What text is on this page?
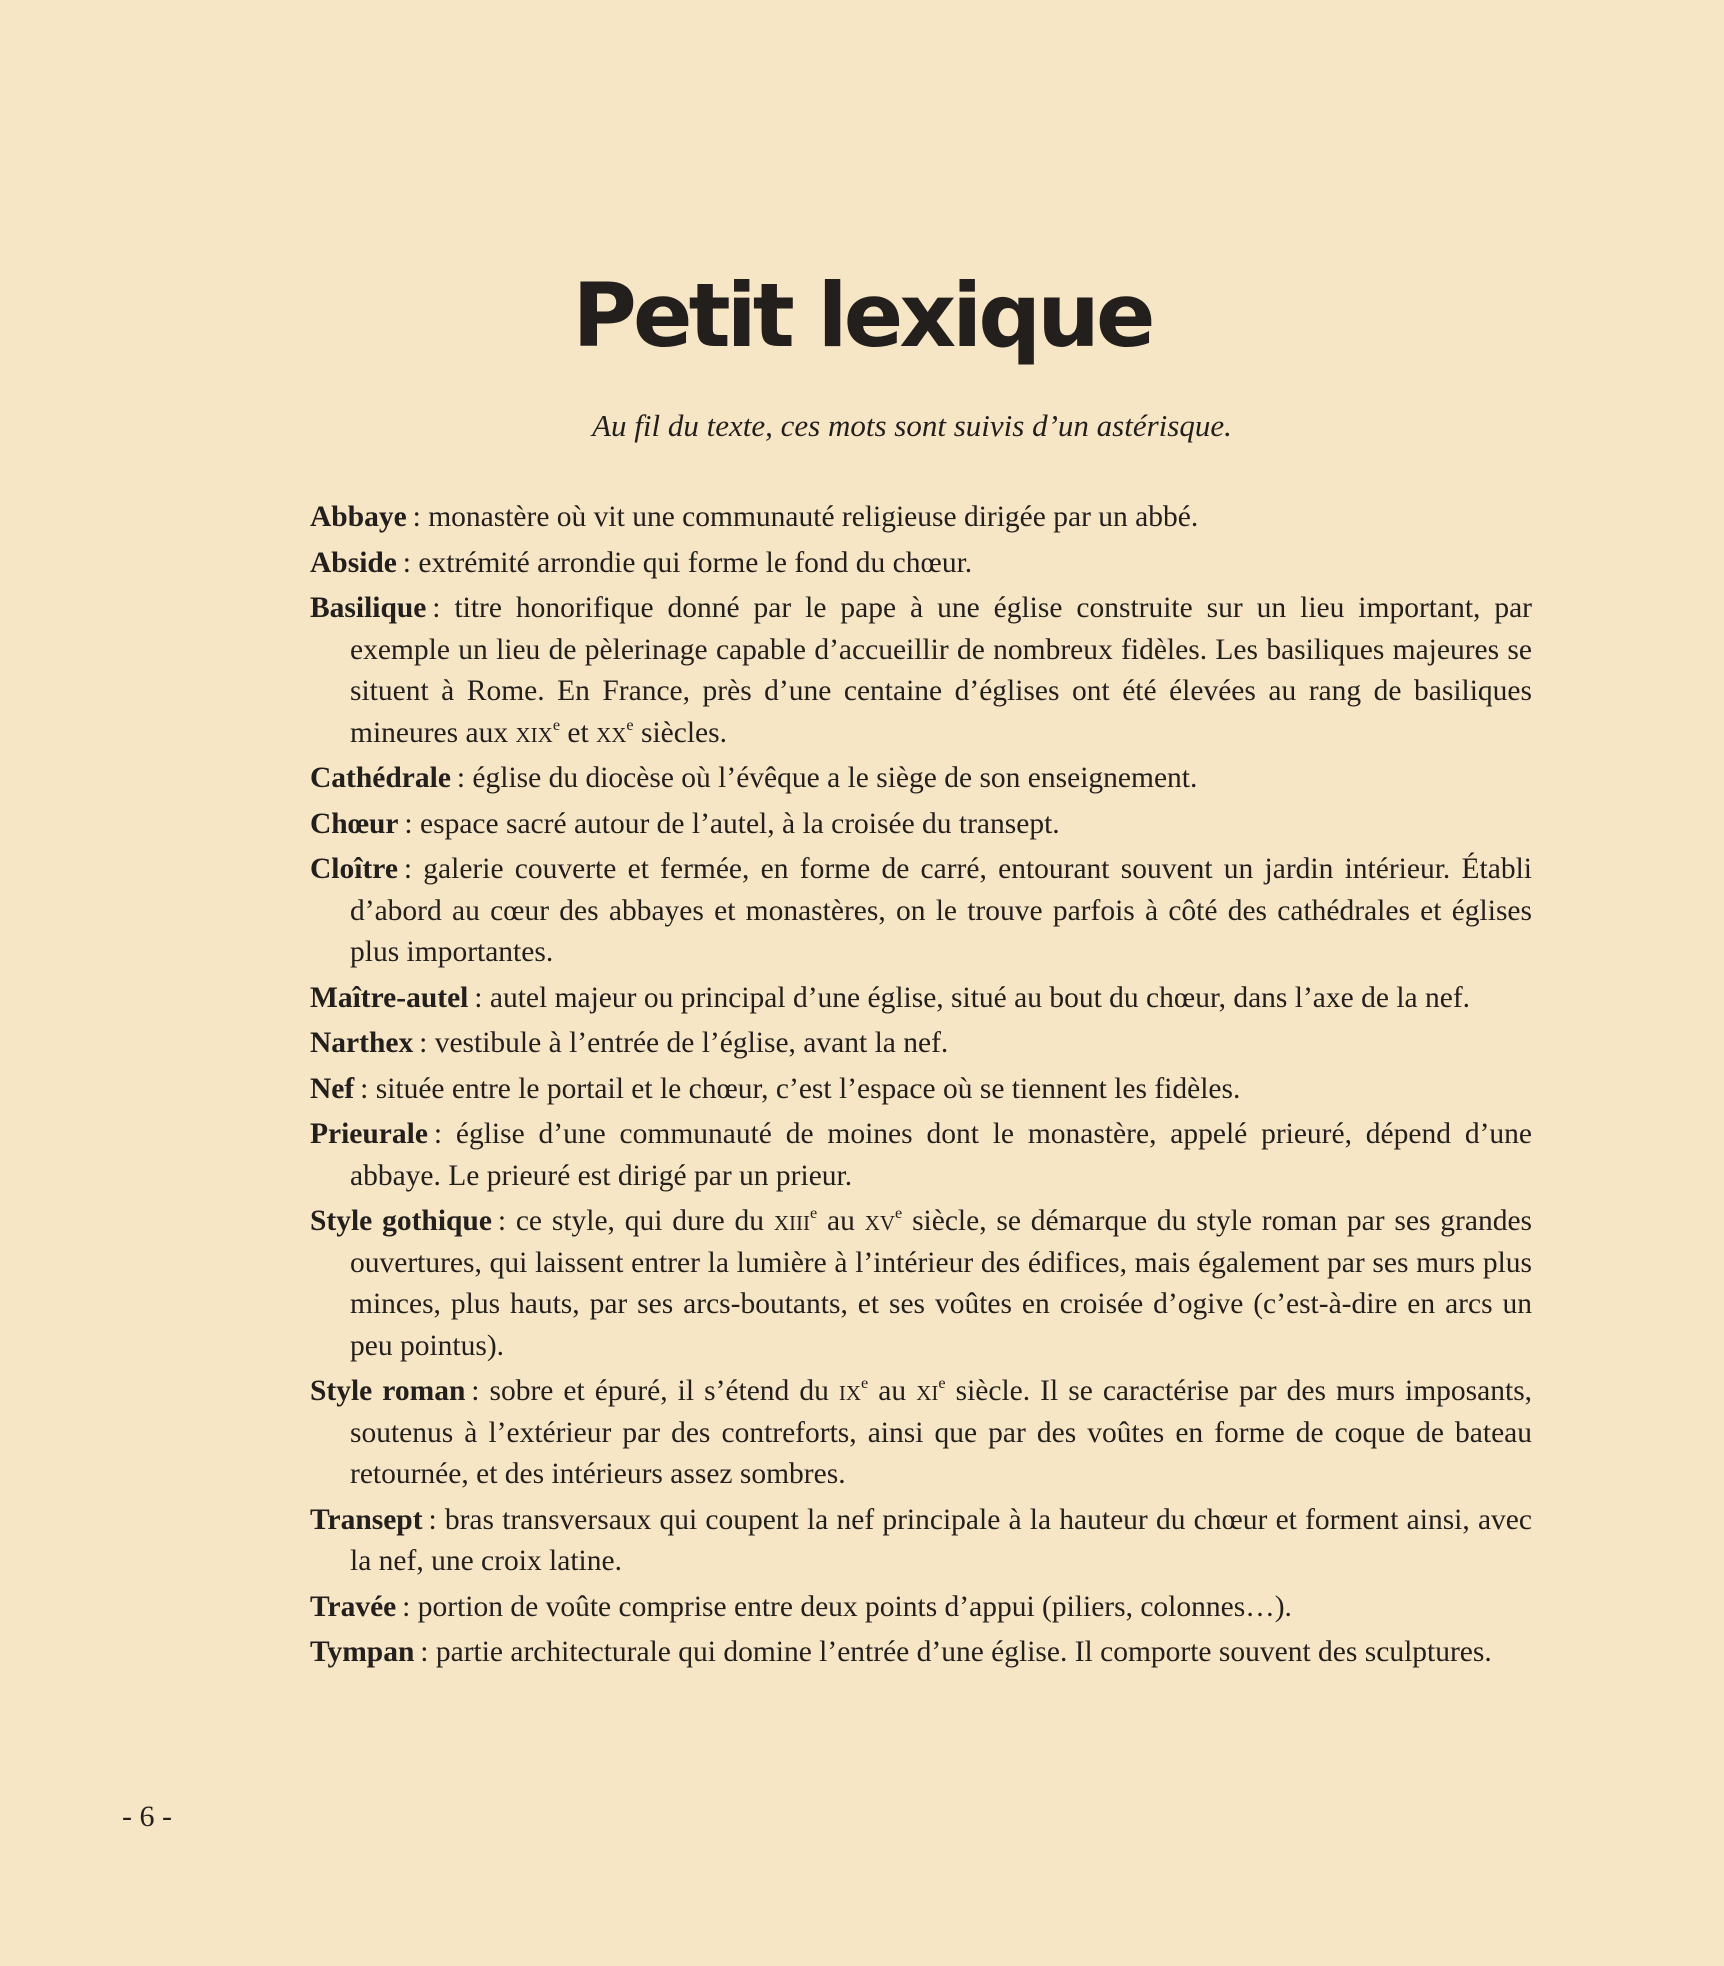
Petit lexique

Au fil du texte, ces mots sont suivis d’un astérisque.

Abbaye : monastère où vit une communauté religieuse dirigée par un abbé.
Abside : extrémité arrondie qui forme le fond du chœur.
Basilique : titre honorifique donné par le pape à une église construite sur un lieu important, par exemple un lieu de pèlerinage capable d’accueillir de nombreux fidèles. Les basiliques majeures se situent à Rome. En France, près d’une centaine d’églises ont été élevées au rang de basiliques mineures aux xix$^e$ et $xx^e$ siècles.
Cathédrale : église du diocèse où l’évêque a le siège de son enseignement.
Chœur : espace sacré autour de l’autel, à la croisée du transept.
Cloître : galerie couverte et fermée, en forme de carré, entourant souvent un jardin intérieur. Établi d’abord au cœur des abbayes et monastères, on le trouve parfois à côté des cathédrales et églises plus importantes.
Maître-autel : autel majeur ou principal d’une église, situé au bout du chœur, dans l’axe de la nef.
Narthex : vestibule à l’entrée de l’église, avant la nef.
Nef : située entre le portail et le chœur, c’est l’espace où se tiennent les fidèles.
Prieurale : église d’une communauté de moines dont le monastère, appelé prieuré, dépend d’une abbaye. Le prieuré est dirigé par un prieur.
Style gothique : ce style, qui dure du xiii$^e$ au $xv^e$ siècle, se démarque du style roman par ses grandes ouvertures, qui laissent entrer la lumière à l’intérieur des édifices, mais également par ses murs plus minces, plus hauts, par ses arcs-boutants, et ses voûtes en croisée d’ogive (c’est-à-dire en arcs un peu pointus).
Style roman : sobre et épuré, il s’étend du $ix^e$ au $xi^e$ siècle. Il se caractérise par des murs imposants, soutenus à l’extérieur par des contreforts, ainsi que par des voûtes en forme de coque de bateau retournée, et des intérieurs assez sombres.
Transept : bras transversaux qui coupent la nef principale à la hauteur du chœur et forment ainsi, avec la nef, une croix latine.
Travée : portion de voûte comprise entre deux points d’appui (piliers, colonnes…).
Tympan : partie architecturale qui domine l’entrée d’une église. Il comporte souvent des sculptures.

- 6 -
